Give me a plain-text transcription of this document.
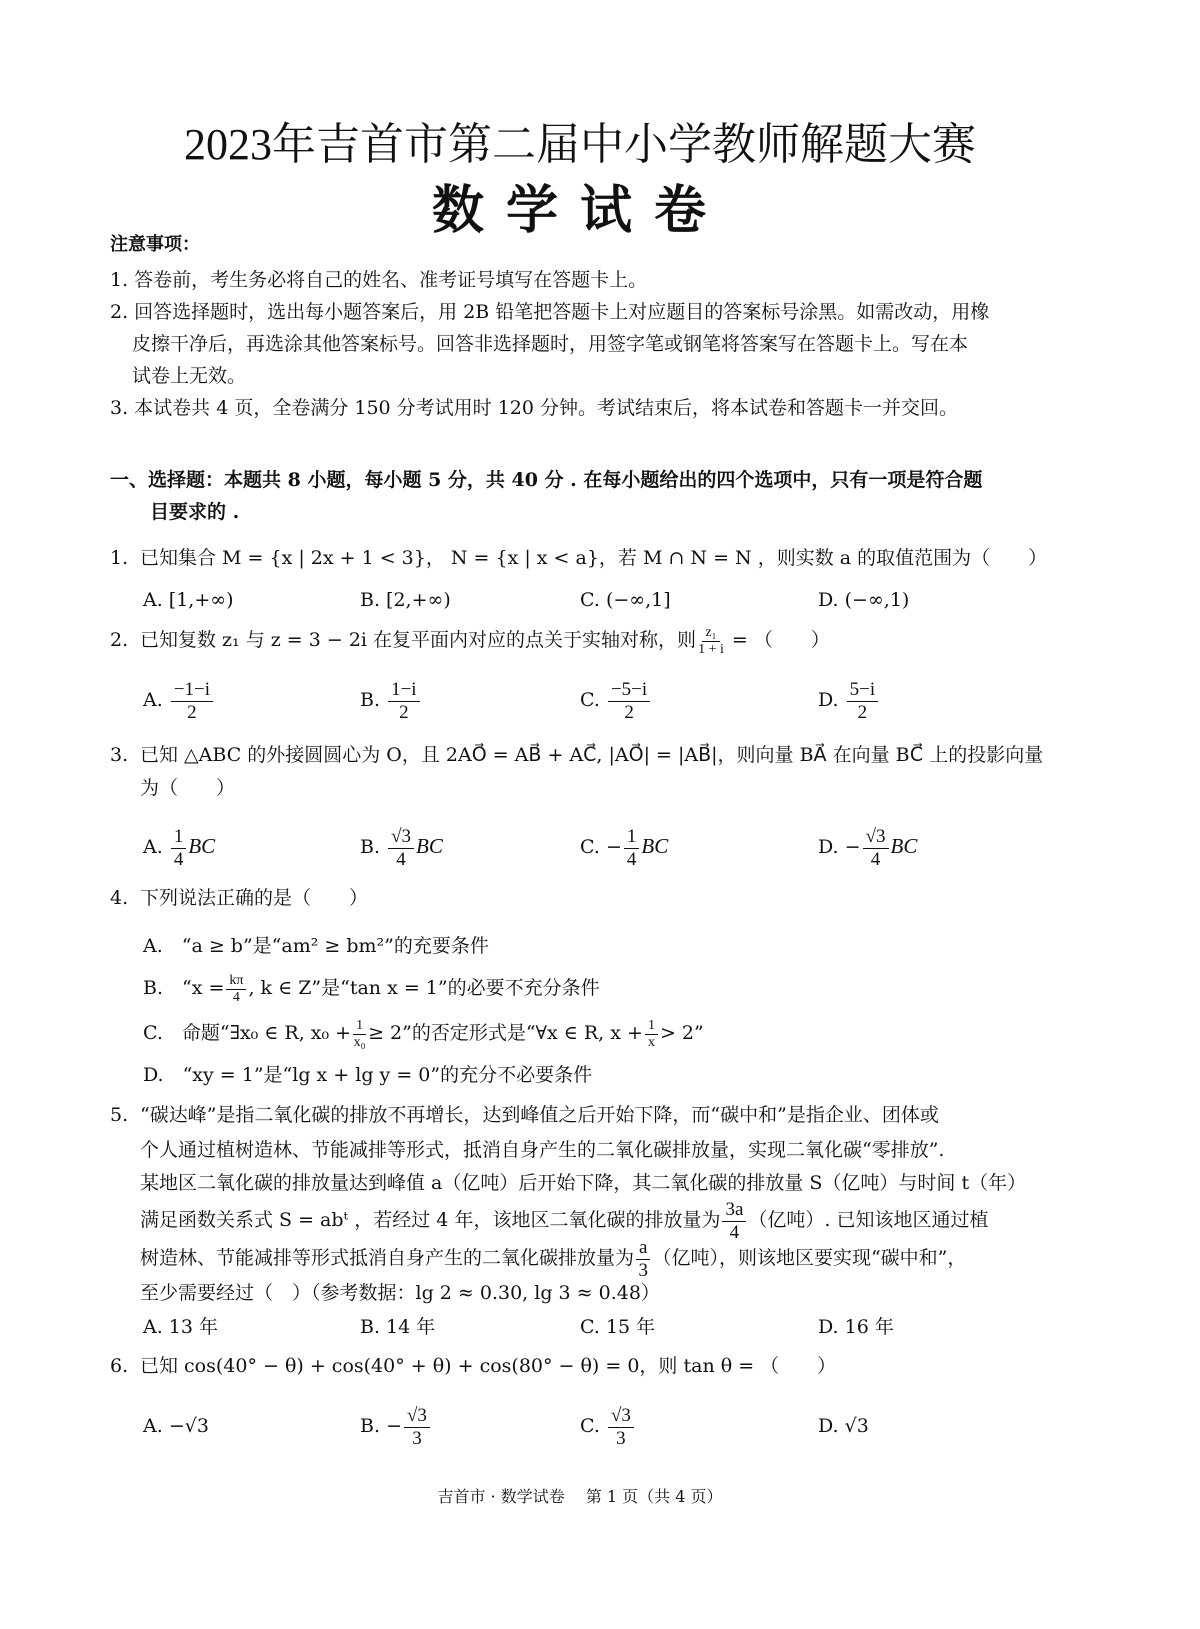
2023年吉首市第二届中小学教师解题大赛
数学试卷
注意事项：
1. 答卷前，考生务必将自己的姓名、准考证号填写在答题卡上。
2. 回答选择题时，选出每小题答案后，用 2B 铅笔把答题卡上对应题目的答案标号涂黑。如需改动，用橡
皮擦干净后，再选涂其他答案标号。回答非选择题时，用签字笔或钢笔将答案写在答题卡上。写在本
试卷上无效。
3. 本试卷共 4 页，全卷满分 150 分考试用时 120 分钟。考试结束后，将本试卷和答题卡一并交回。
一、选择题：本题共 8 小题，每小题 5 分，共 40 分 . 在每小题给出的四个选项中，只有一项是符合题
目要求的 .
1. 已知集合 M = {x | 2x + 1 < 3}， N = {x | x < a}，若 M ∩ N = N ，则实数 a 的取值范围为（　　）
A. [1,+∞)	B. [2,+∞)	C. (−∞,1]	D. (−∞,1)
2. 已知复数 z₁ 与 z = 3 − 2i 在复平面内对应的点关于实轴对称，则 $\frac{\text{z₁}}{1 + i}$ = （　　）
A. $\frac{-1-i}{2}$	B. $\frac{1-i}{2}$	C. $\frac{-5-i}{2}$	D. $\frac{5-i}{2}$
3. 已知 △ABC 的外接圆圆心为 O，且 2AO⃗ = AB⃗ + AC⃗, |AO⃗| = |AB⃗|，则向量 BA⃗ 在向量 BC⃗ 上的投影向量
为（　　）
A. $\frac{1}{4}$ BC⃗	B. $\frac{√3}{4}$ BC⃗	C. − $\frac{1}{4}$ BC⃗	D. − $\frac{√3}{4}$ BC⃗
4. 下列说法正确的是（　　）
A.　“a ≥ b”是“am² ≥ bm²”的充要条件
B.　“$x = \frac{k\pi}{4}$ , k ∈ Z”是“tan x = 1”的必要不充分条件
C.　命题“∃x₀ ∈ R, $x_0 + \frac{1}{\text{x₀}} \ge 2$”的否定形式是“∀x ∈ R, $x + \frac{1}{x} > 2$”
D.　“xy = 1”是“lg x + lg y = 0”的充分不必要条件
5. “碳达峰”是指二氧化碳的排放不再增长，达到峰值之后开始下降，而“碳中和”是指企业、团体或
个人通过植树造林、节能减排等形式，抵消自身产生的二氧化碳排放量，实现二氧化碳“零排放”.
某地区二氧化碳的排放量达到峰值 a（亿吨）后开始下降，其二氧化碳的排放量 S（亿吨）与时间 t（年）
满足函数关系式 S = abᵗ ，若经过 4 年，该地区二氧化碳的排放量为 $\frac{3a}{4}$ （亿吨）. 已知该地区通过植
树造林、节能减排等形式抵消自身产生的二氧化碳排放量为 $\frac{a}{3}$ （亿吨），则该地区要实现“碳中和”，
至少需要经过（　）（参考数据：lg 2 ≈ 0.30, lg 3 ≈ 0.48）
A. 13 年	B. 14 年	C. 15 年	D. 16 年
6. 已知 cos(40° − θ) + cos(40° + θ) + cos(80° − θ) = 0，则 tan θ = （　　）
A. −√3	B. − $\frac{√3}{3}$	C. $\frac{√3}{3}$	D. √3
吉首市 · 数学试卷　 第 1 页（共 4 页）
